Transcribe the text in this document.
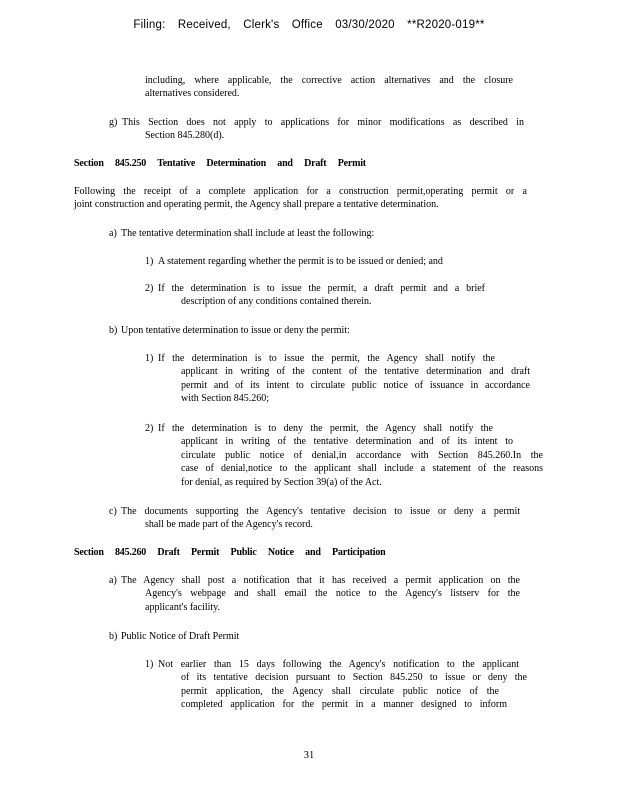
Filing: Received, Clerk's Office 03/30/2020 **R2020-019**
including, where applicable, the corrective action alternatives and the closure
alternatives considered.
g) This Section does not apply to applications for minor modifications as described in
Section 845.280(d).
Section 845.250 Tentative Determination and Draft Permit
Following the receipt of a complete application for a construction permit,operating permit or a
joint construction and operating permit, the Agency shall prepare a tentative determination.
a) The tentative determination shall include at least the following:
1) A statement regarding whether the permit is to be issued or denied; and
2) If the determination is to issue the permit, a draft permit and a brief
description of any conditions contained therein.
b) Upon tentative determination to issue or deny the permit:
1) If the determination is to issue the permit, the Agency shall notify the
applicant in writing of the content of the tentative determination and draft
permit and of its intent to circulate public notice of issuance in accordance
with Section 845.260;
2) If the determination is to deny the permit, the Agency shall notify the
applicant in writing of the tentative determination and of its intent to
circulate public notice of denial,in accordance with Section 845.260.In the
case of denial,notice to the applicant shall include a statement of the reasons
for denial, as required by Section 39(a) of the Act.
c) The documents supporting the Agency's tentative decision to issue or deny a permit
shall be made part of the Agency's record.
Section 845.260 Draft Permit Public Notice and Participation
a) The Agency shall post a notification that it has received a permit application on the
Agency's webpage and shall email the notice to the Agency's listserv for the
applicant's facility.
b) Public Notice of Draft Permit
1) Not earlier than 15 days following the Agency's notification to the applicant
of its tentative decision pursuant to Section 845.250 to issue or deny the
permit application, the Agency shall circulate public notice of the
completed application for the permit in a manner designed to inform
31
